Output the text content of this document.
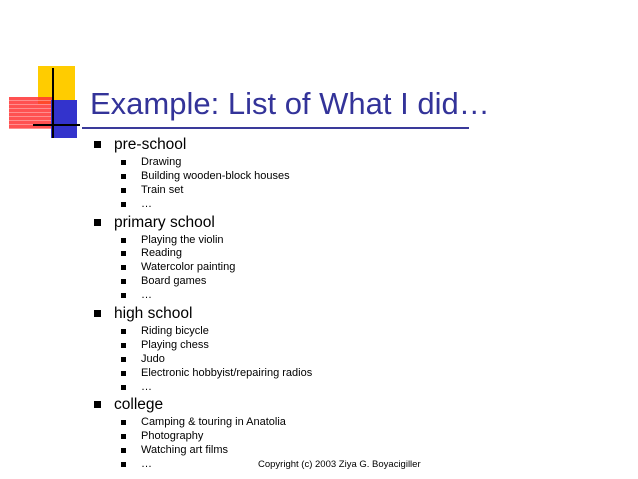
Example: List of What I did…
pre-school
Drawing
Building wooden-block houses
Train set
…
primary school
Playing the violin
Reading
Watercolor painting
Board games
…
high school
Riding bicycle
Playing chess
Judo
Electronic hobbyist/repairing radios
…
college
Camping & touring in Anatolia
Photography
Watching art films
…	Copyright (c) 2003 Ziya G. Boyacigiller
